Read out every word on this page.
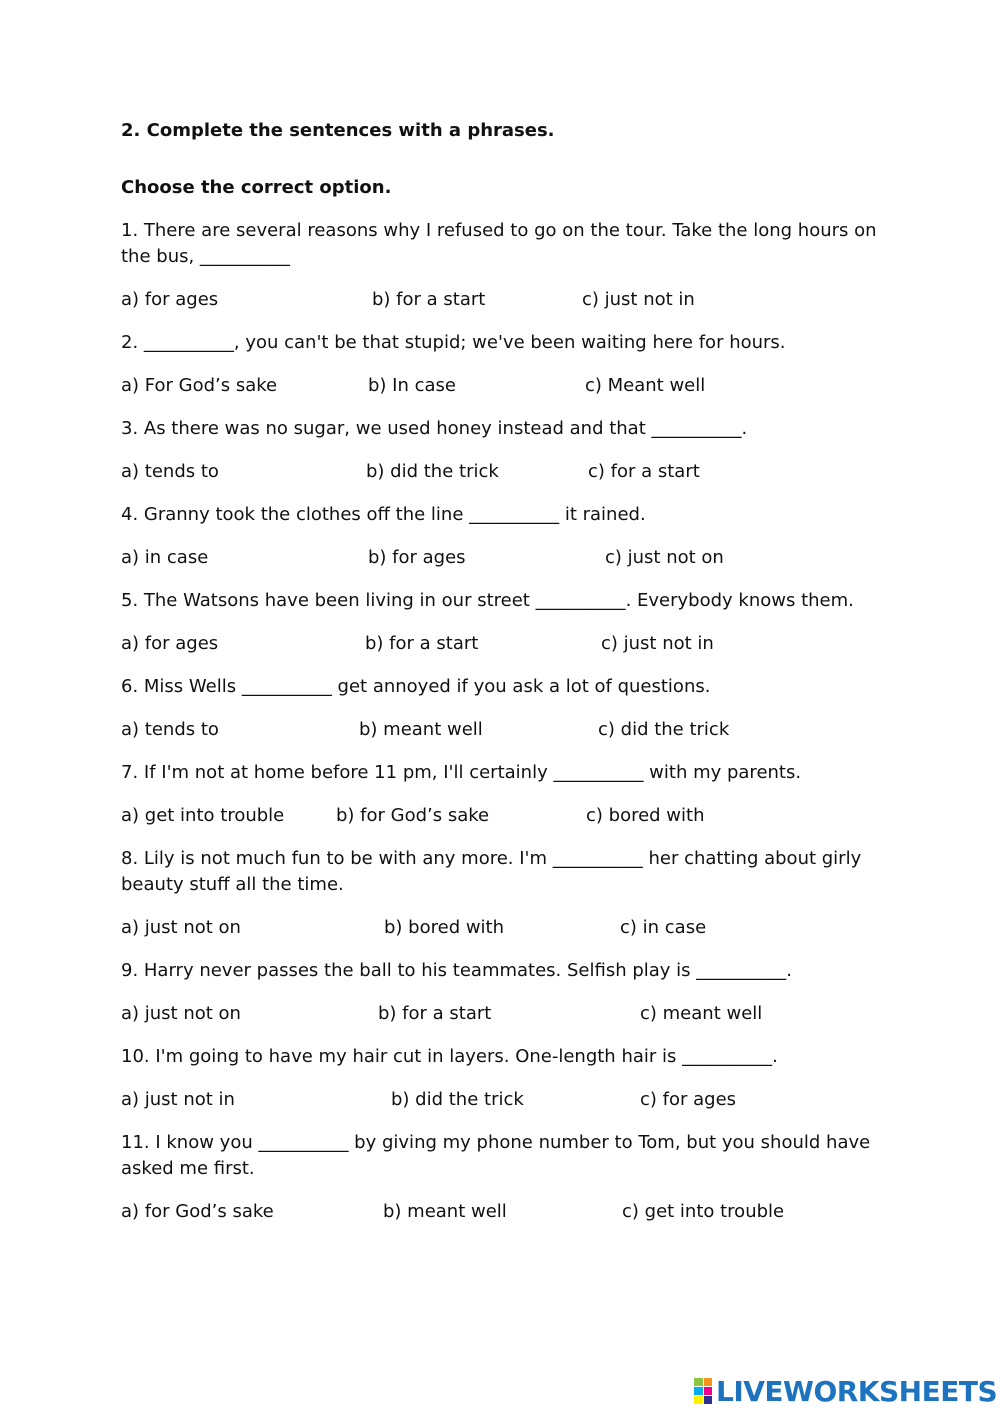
2. Complete the sentences with a phrases.

Choose the correct option.

1. There are several reasons why I refused to go on the tour. Take the long hours on the bus, __________

a) for ages	b) for a start	c) just not in

2. __________, you can't be that stupid; we've been waiting here for hours.

a) For God’s sake	b) In case	c) Meant well

3. As there was no sugar, we used honey instead and that __________.

a) tends to	b) did the trick	c) for a start

4. Granny took the clothes off the line __________ it rained.

a) in case	b) for ages	c) just not on

5. The Watsons have been living in our street __________. Everybody knows them.

a) for ages	b) for a start	c) just not in

6. Miss Wells __________ get annoyed if you ask a lot of questions.

a) tends to	b) meant well	c) did the trick

7. If I'm not at home before 11 pm, I'll certainly __________ with my parents.

a) get into trouble	b) for God’s sake	c) bored with

8. Lily is not much fun to be with any more. I'm __________ her chatting about girly beauty stuff all the time.

a) just not on	b) bored with	c) in case

9. Harry never passes the ball to his teammates. Selfish play is __________.

a) just not on	b) for a start	c) meant well

10. I'm going to have my hair cut in layers. One-length hair is __________.

a) just not in	b) did the trick	c) for ages

11. I know you __________ by giving my phone number to Tom, but you should have asked me first.

a) for God’s sake	b) meant well	c) get into trouble
LIVEWORKSHEETS
